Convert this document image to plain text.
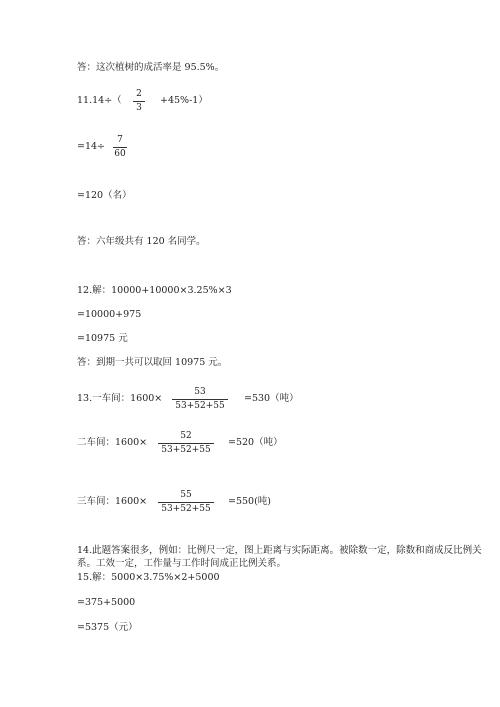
答：这次植树的成活率是 95.5%。
11.14÷（
2
3
+45%-1）
=14÷
7
60
=120（名）
答：六年级共有 120 名同学。
12.解：10000+10000×3.25%×3
=10000+975
=10975 元
答：到期一共可以取回 10975 元。
13.一车间：1600×
53
53+52+55
=530（吨）
二车间：1600×
52
53+52+55
=520（吨）
三车间：1600×
55
53+52+55
=550(吨)
14.此题答案很多，例如：比例尺一定，图上距离与实际距离。被除数一定，除数和商成反比例关系。工效一定，工作量与工作时间成正比例关系。
15.解：5000×3.75%×2+5000
=375+5000
=5375（元）
